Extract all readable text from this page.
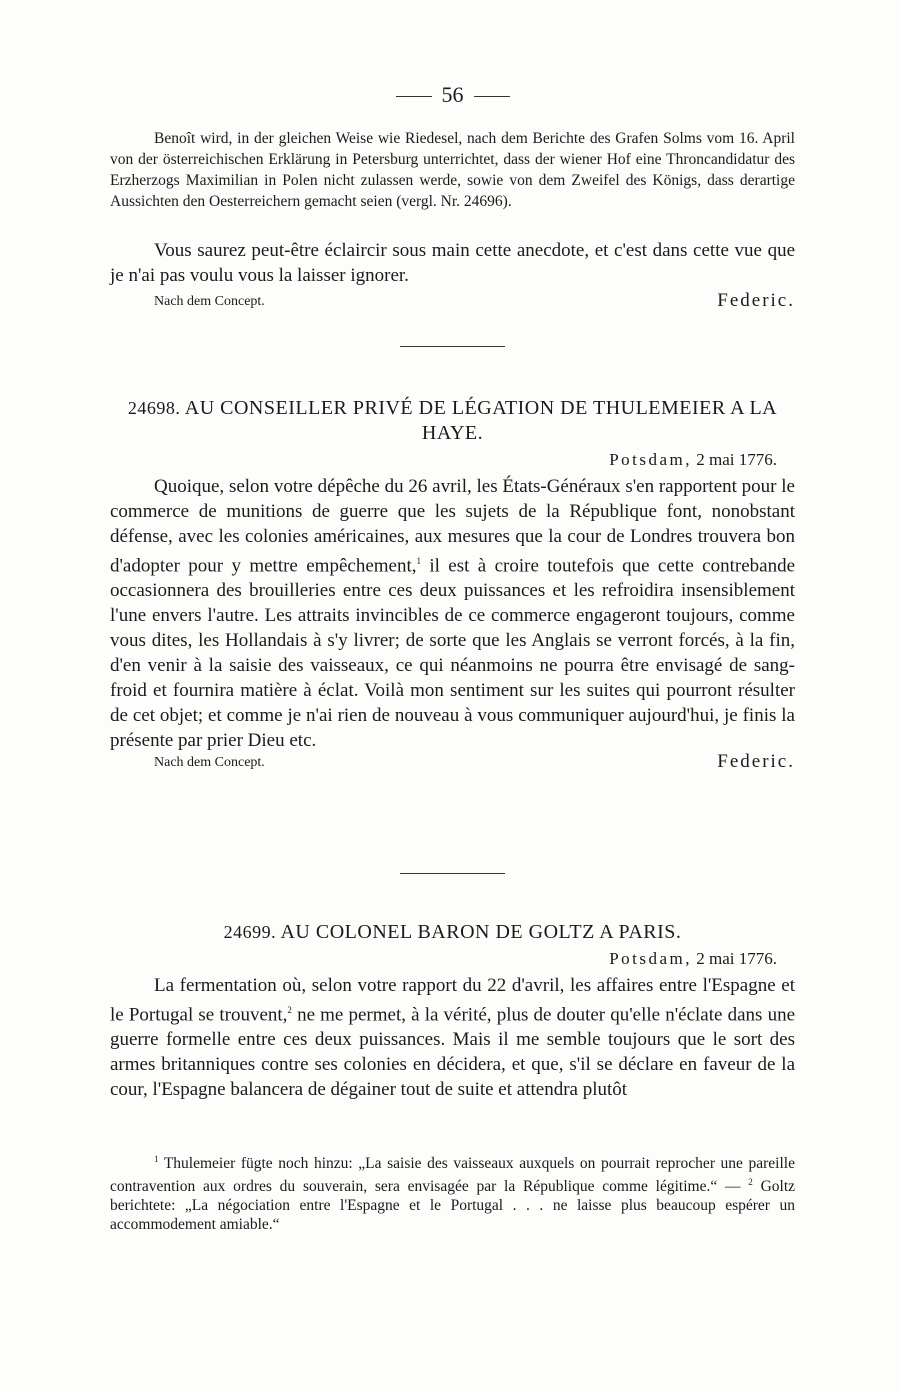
56
Benoît wird, in der gleichen Weise wie Riedesel, nach dem Berichte des Grafen Solms vom 16. April von der österreichischen Erklärung in Petersburg unterrichtet, dass der wiener Hof eine Throncandidatur des Erzherzogs Maximilian in Polen nicht zulassen werde, sowie von dem Zweifel des Königs, dass derartige Aussichten den Oesterreichern gemacht seien (vergl. Nr. 24696).
Vous saurez peut-être éclaircir sous main cette anecdote, et c'est dans cette vue que je n'ai pas voulu vous la laisser ignorer.
Nach dem Concept.	Federic.
24698. AU CONSEILLER PRIVÉ DE LÉGATION DE THULEMEIER A LA HAYE.
Potsdam, 2 mai 1776.
Quoique, selon votre dépêche du 26 avril, les États-Généraux s'en rapportent pour le commerce de munitions de guerre que les sujets de la République font, nonobstant défense, avec les colonies américaines, aux mesures que la cour de Londres trouvera bon d'adopter pour y mettre empêchement,$^1$ il est à croire toutefois que cette contrebande occasionnera des brouilleries entre ces deux puissances et les refroidira insensiblement l'une envers l'autre. Les attraits invincibles de ce commerce engageront toujours, comme vous dites, les Hollandais à s'y livrer; de sorte que les Anglais se verront forcés, à la fin, d'en venir à la saisie des vaisseaux, ce qui néanmoins ne pourra être envisagé de sang-froid et fournira matière à éclat. Voilà mon sentiment sur les suites qui pourront résulter de cet objet; et comme je n'ai rien de nouveau à vous communiquer aujourd'hui, je finis la présente par prier Dieu etc.
Nach dem Concept.	Federic.
24699. AU COLONEL BARON DE GOLTZ A PARIS.
Potsdam, 2 mai 1776.
La fermentation où, selon votre rapport du 22 d'avril, les affaires entre l'Espagne et le Portugal se trouvent,$^2$ ne me permet, à la vérité, plus de douter qu'elle n'éclate dans une guerre formelle entre ces deux puissances. Mais il me semble toujours que le sort des armes britanniques contre ses colonies en décidera, et que, s'il se déclare en faveur de la cour, l'Espagne balancera de dégainer tout de suite et attendra plutôt
$^1$ Thulemeier fügte noch hinzu: „La saisie des vaisseaux auxquels on pourrait reprocher une pareille contravention aux ordres du souverain, sera envisagée par la République comme légitime.“ — $^2$ Goltz berichtete: „La négociation entre l'Espagne et le Portugal . . . ne laisse plus beaucoup espérer un accommodement amiable.“
